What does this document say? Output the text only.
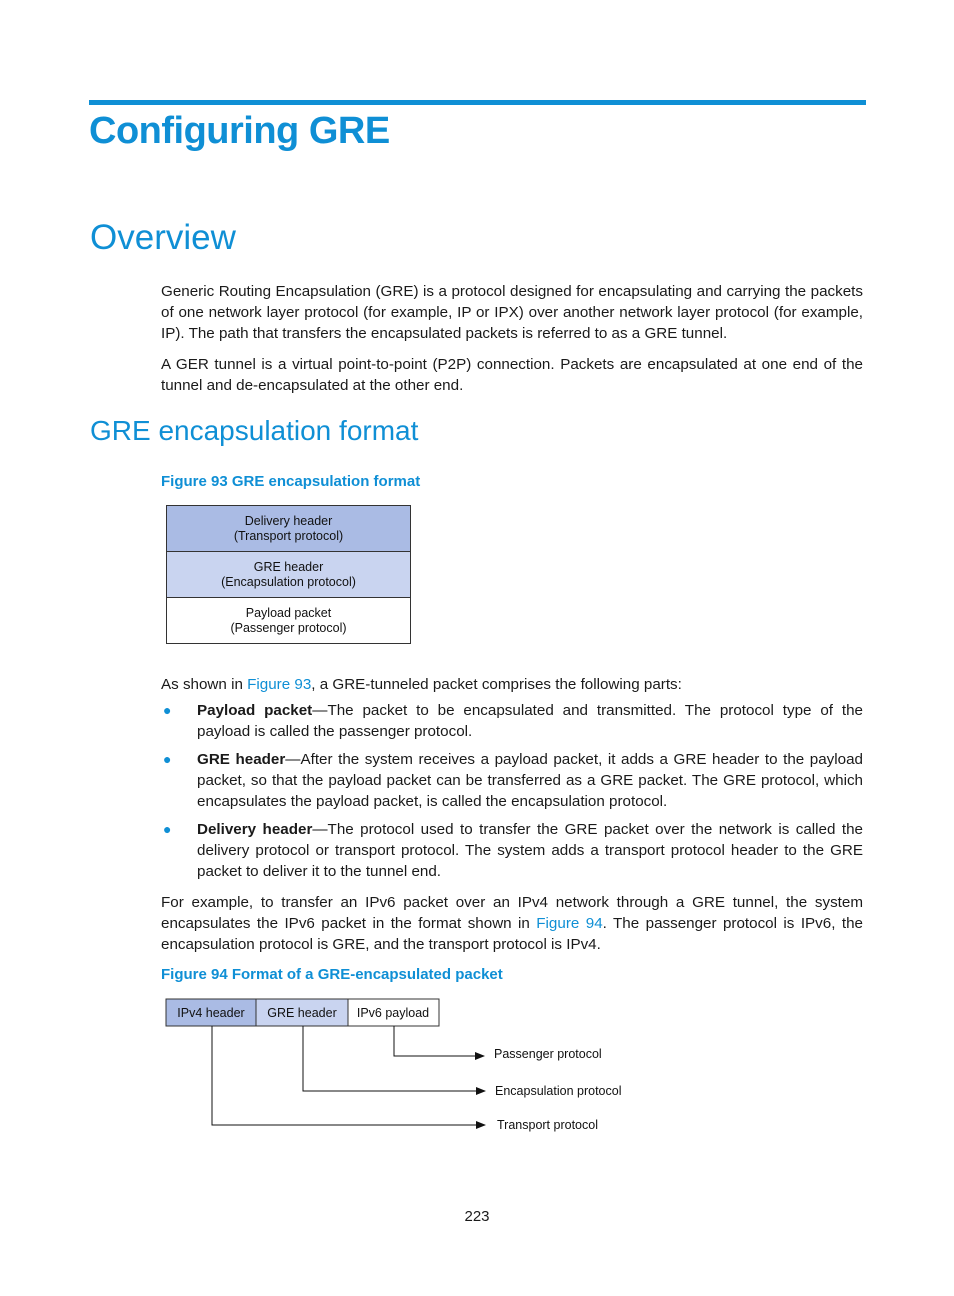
Configuring GRE
Overview

Generic Routing Encapsulation (GRE) is a protocol designed for encapsulating and carrying the packets of one network layer protocol (for example, IP or IPX) over another network layer protocol (for example, IP). The path that transfers the encapsulated packets is referred to as a GRE tunnel.

A GER tunnel is a virtual point-to-point (P2P) connection. Packets are encapsulated at one end of the tunnel and de-encapsulated at the other end.

GRE encapsulation format

Figure 93 GRE encapsulation format

Delivery header
(Transport protocol)
GRE header
(Encapsulation protocol)
Payload packet
(Passenger protocol)

As shown in Figure 93, a GRE-tunneled packet comprises the following parts:

● Payload packet—The packet to be encapsulated and transmitted. The protocol type of the payload is called the passenger protocol.
● GRE header—After the system receives a payload packet, it adds a GRE header to the payload packet, so that the payload packet can be transferred as a GRE packet. The GRE protocol, which encapsulates the payload packet, is called the encapsulation protocol.
● Delivery header—The protocol used to transfer the GRE packet over the network is called the delivery protocol or transport protocol. The system adds a transport protocol header to the GRE packet to deliver it to the tunnel end.

For example, to transfer an IPv6 packet over an IPv4 network through a GRE tunnel, the system encapsulates the IPv6 packet in the format shown in Figure 94. The passenger protocol is IPv6, the encapsulation protocol is GRE, and the transport protocol is IPv4.

Figure 94 Format of a GRE-encapsulated packet

IPv4 header GRE header IPv6 payload
Passenger protocol
Encapsulation protocol
Transport protocol
223
